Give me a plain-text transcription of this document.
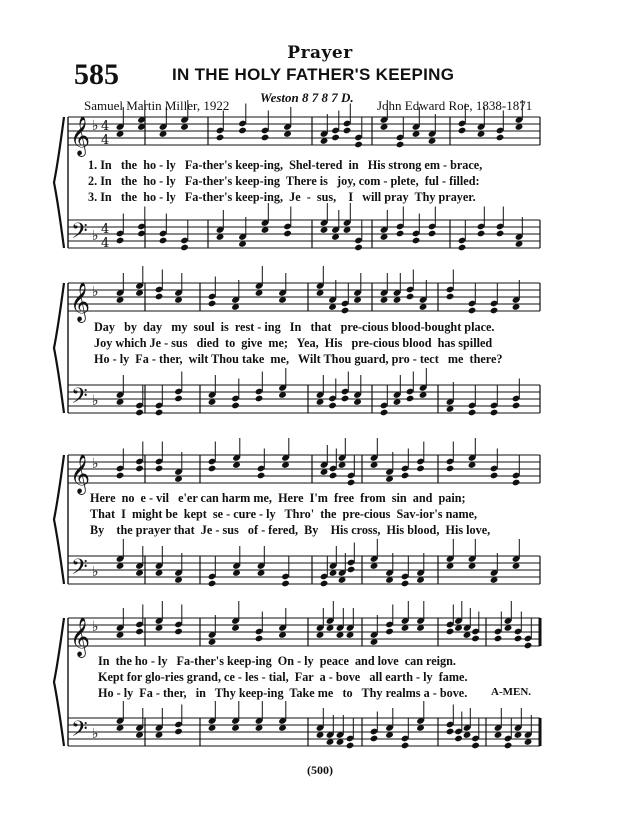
Prayer
585	IN THE HOLY FATHER'S KEEPING
Weston 8 7 8 7 D.
Samuel Martin Miller, 1922	John Edward Roe, 1838-1871
𝄞
𝄢
♭
♭
4
4
4
4
𝄞
𝄢
♭
♭
𝄞
𝄢
♭
♭
𝄞
𝄢
♭
♭
1. In   the  ho - ly   Fa-ther's keep-ing,  Shel-tered  in   His strong em - brace,
2. In   the  ho - ly   Fa-ther's keep-ing  There is   joy, com - plete,  ful - filled:
3. In   the  ho - ly   Fa-ther's keep-ing,  Je  -  sus,    I   will pray  Thy prayer.
Day   by  day   my  soul  is  rest - ing   In   that   pre-cious blood-bought place.
Joy which Je - sus   died  to  give  me;   Yea,  His   pre-cious blood  has spilled
Ho - ly  Fa - ther,  wilt Thou take  me,   Wilt Thou guard, pro - tect   me  there?
Here  no  e - vil   e'er can harm me,  Here  I'm  free  from  sin  and  pain;
That  I  might be  kept  se - cure - ly   Thro'  the  pre-cious  Sav-ior's name,
By    the prayer that  Je - sus   of - fered,  By    His cross,  His blood,  His love,
In  the ho - ly   Fa-ther's keep-ing  On - ly  peace  and love  can reign.
Kept for glo-ries grand, ce - les - tial,  Far  a - bove   all earth - ly  fame.
Ho - ly  Fa - ther,   in   Thy keep-ing  Take me   to   Thy realms a - bove. A-MEN.
(500)
